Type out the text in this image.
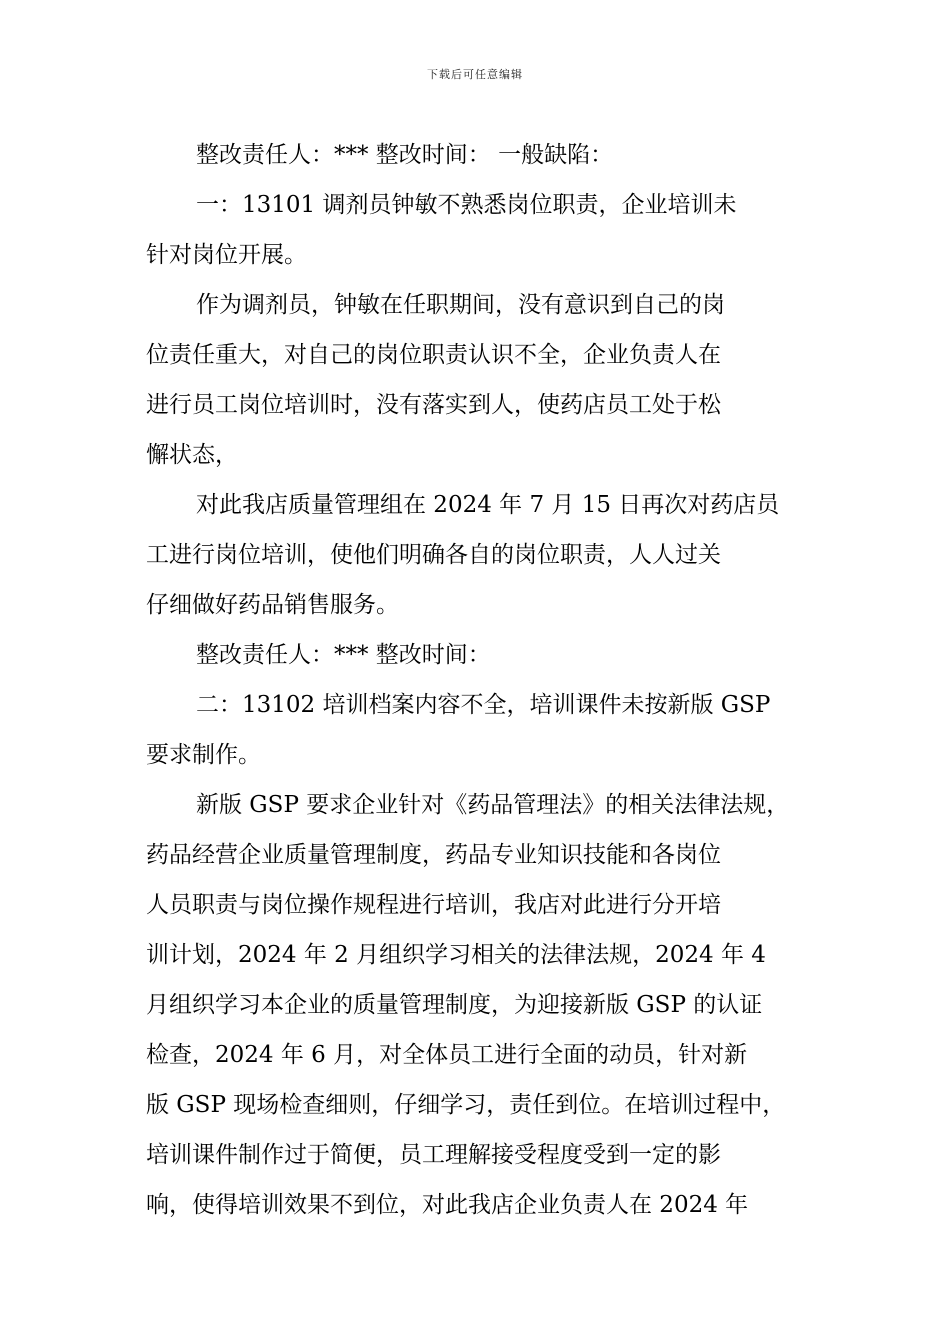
下载后可任意编辑
整改责任人：*** 整改时间： 一般缺陷：
一：13101 调剂员钟敏不熟悉岗位职责，企业培训未
针对岗位开展。
作为调剂员，钟敏在任职期间，没有意识到自己的岗
位责任重大，对自己的岗位职责认识不全，企业负责人在
进行员工岗位培训时，没有落实到人，使药店员工处于松
懈状态，
对此我店质量管理组在 2024 年 7 月 15 日再次对药店员
工进行岗位培训，使他们明确各自的岗位职责，人人过关
仔细做好药品销售服务。
整改责任人：*** 整改时间：
二：13102 培训档案内容不全，培训课件未按新版 GSP
要求制作。
新版 GSP 要求企业针对《药品管理法》的相关法律法规，
药品经营企业质量管理制度，药品专业知识技能和各岗位
人员职责与岗位操作规程进行培训，我店对此进行分开培
训计划，2024 年 2 月组织学习相关的法律法规，2024 年 4
月组织学习本企业的质量管理制度，为迎接新版 GSP 的认证
检查，2024 年 6 月，对全体员工进行全面的动员，针对新
版 GSP 现场检查细则，仔细学习，责任到位。在培训过程中，
培训课件制作过于简便，员工理解接受程度受到一定的影
响，使得培训效果不到位，对此我店企业负责人在 2024 年
